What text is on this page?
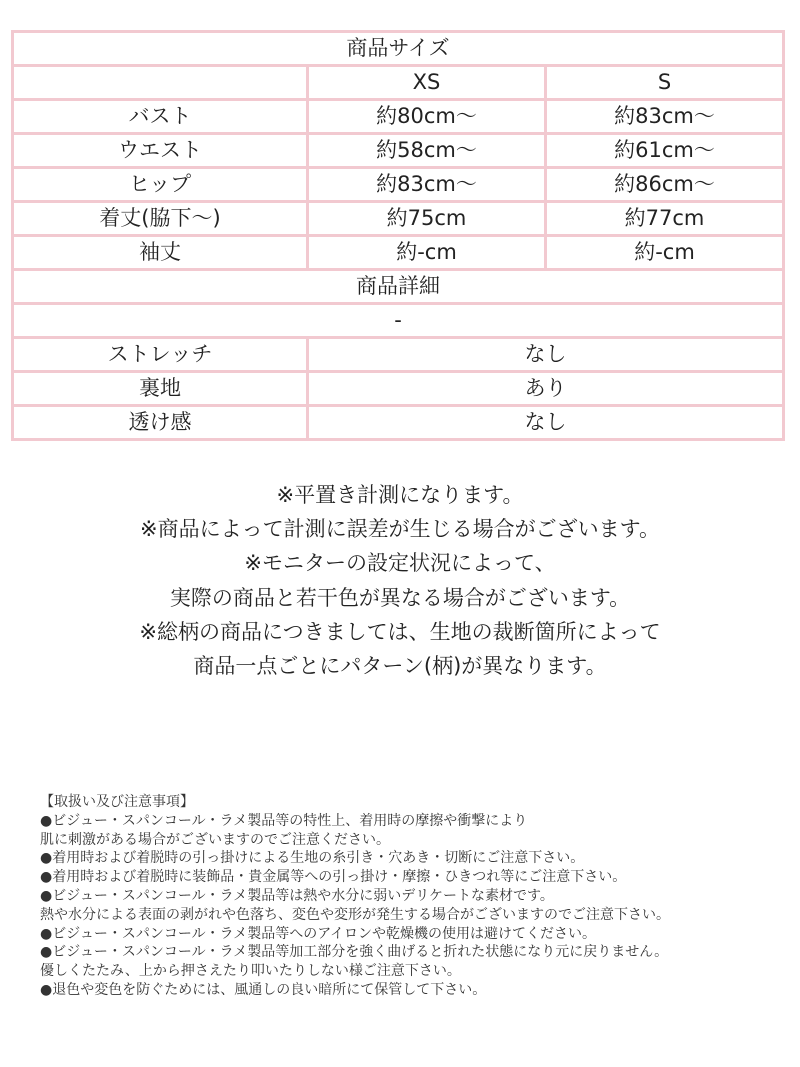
商品サイズ		
	XS	S
バスト	約80cm～	約83cm～
ウエスト	約58cm～	約61cm～
ヒップ	約83cm～	約86cm～
着丈(脇下～)	約75cm	約77cm
袖丈	約-cm	約-cm
商品詳細		
-		
ストレッチ	なし	
裏地	あり	
透け感	なし	
※平置き計測になります。
※商品によって計測に誤差が生じる場合がございます。
※モニターの設定状況によって、
実際の商品と若干色が異なる場合がございます。
※総柄の商品につきましては、生地の裁断箇所によって
商品一点ごとにパターン(柄)が異なります。
【取扱い及び注意事項】
●ビジュー・スパンコール・ラメ製品等の特性上、着用時の摩擦や衝撃により
肌に刺激がある場合がございますのでご注意ください。
●着用時および着脱時の引っ掛けによる生地の糸引き・穴あき・切断にご注意下さい。
●着用時および着脱時に装飾品・貴金属等への引っ掛け・摩擦・ひきつれ等にご注意下さい。
●ビジュー・スパンコール・ラメ製品等は熱や水分に弱いデリケートな素材です。
熱や水分による表面の剥がれや色落ち、変色や変形が発生する場合がございますのでご注意下さい。
●ビジュー・スパンコール・ラメ製品等へのアイロンや乾燥機の使用は避けてください。
●ビジュー・スパンコール・ラメ製品等加工部分を強く曲げると折れた状態になり元に戻りません。
優しくたたみ、上から押さえたり叩いたりしない様ご注意下さい。
●退色や変色を防ぐためには、風通しの良い暗所にて保管して下さい。
